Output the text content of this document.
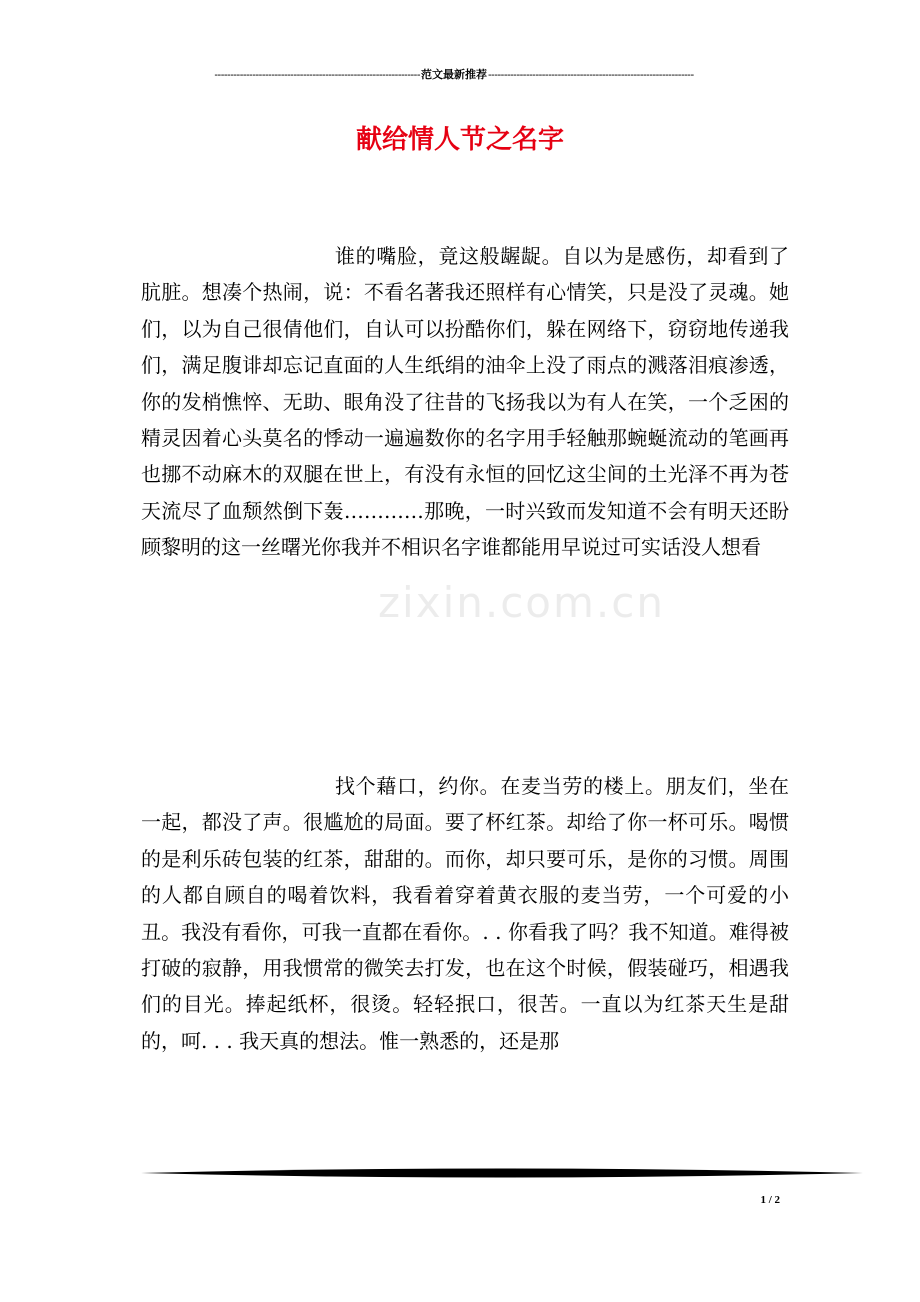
-----------------------------------------------------------------范文最新推荐-----------------------------------------------------------------
献给情人节之名字

谁的嘴脸，竟这般龌龊。自以为是感伤，却看到了肮脏。想凑个热闹，说：不看名著我还照样有心情笑，只是没了灵魂。她们，以为自己很倩他们，自认可以扮酷你们，躲在网络下，窃窃地传递我们，满足腹诽却忘记直面的人生纸绢的油伞上没了雨点的溅落泪痕渗透，你的发梢憔悴、无助、眼角没了往昔的飞扬我以为有人在笑，一个乏困的精灵因着心头莫名的悸动一遍遍数你的名字用手轻触那蜿蜒流动的笔画再也挪不动麻木的双腿在世上，有没有永恒的回忆这尘间的土光泽不再为苍天流尽了血颓然倒下轰…………那晚，一时兴致而发知道不会有明天还盼顾黎明的这一丝曙光你我并不相识名字谁都能用早说过可实话没人想看

zixin.com.cn

找个藉口，约你。在麦当劳的楼上。朋友们，坐在一起，都没了声。很尴尬的局面。要了杯红茶。却给了你一杯可乐。喝惯的是利乐砖包装的红茶，甜甜的。而你，却只要可乐，是你的习惯。周围的人都自顾自的喝着饮料，我看着穿着黄衣服的麦当劳，一个可爱的小丑。我没有看你，可我一直都在看你。. . 你看我了吗？我不知道。难得被打破的寂静，用我惯常的微笑去打发，也在这个时候，假装碰巧，相遇我们的目光。捧起纸杯，很烫。轻轻抿口，很苦。一直以为红茶天生是甜的，呵. . . 我天真的想法。惟一熟悉的，还是那

1 / 2
